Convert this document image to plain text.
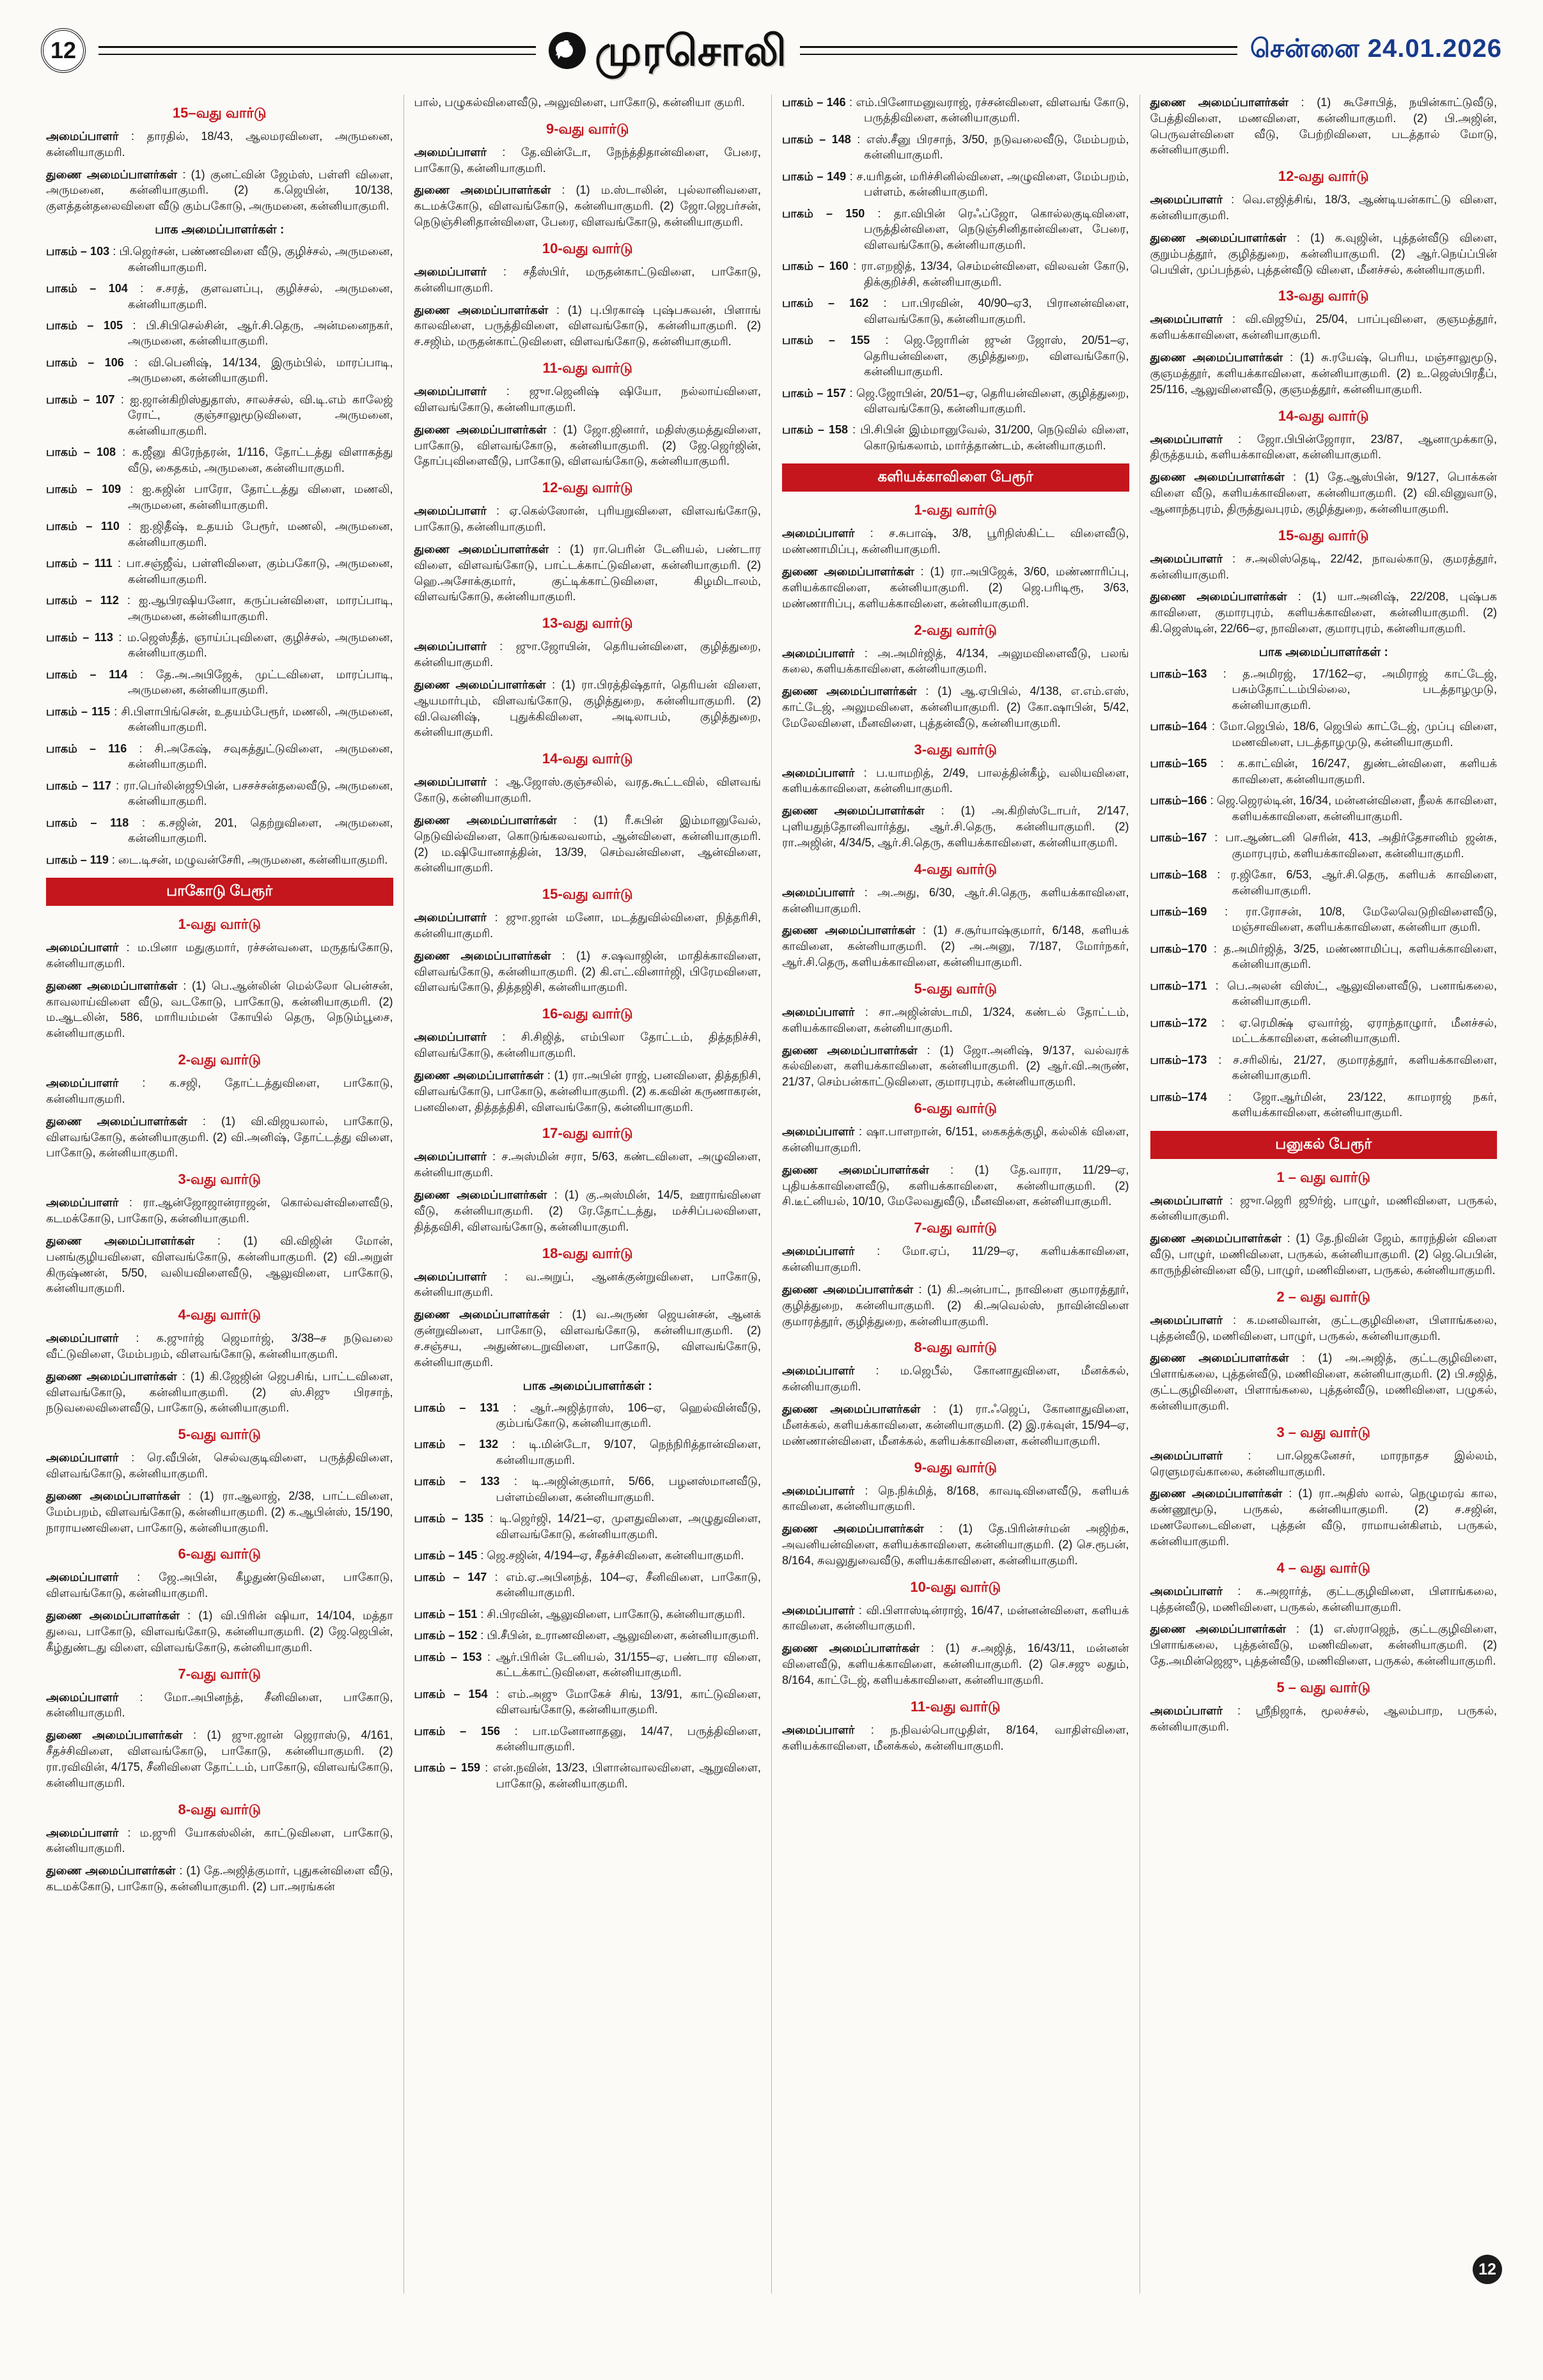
12	முரசொலி	சென்னை 24.01.2026
15–வது வார்டு

அமைப்பாளர் : தாரதில், 18/43, ஆலமரவிளை, அருமனை, கன்னியாகுமரி.

துணை அமைப்பாளர்கள் : (1) குனட்வின் ஜேம்ஸ், பள்ளி விளை, அருமனை, கன்னியாகுமரி. (2) க.ஜெயின், 10/138, குளத்தன்தலைவிளை வீடு கும்பகோடு, அருமனை, கன்னியாகுமரி.

பாக அமைப்பாளர்கள் :

பாகம் – 103 : பி.ஜெர்சன், பண்ணவிளை வீடு, குழிச்சல், அருமனை, கன்னியாகுமரி.

பாகம் – 104 : ச.சரத், குளவளப்பு, குழிச்சல், அருமனை, கன்னியாகுமரி.

பாகம் – 105 : பி.சிபிசெல்சின், ஆர்.சி.தெரு, அன்மனைநகர், அருமனை, கன்னியாகுமரி.

பாகம் – 106 : வி.பெனிஷ், 14/134, இரும்பில், மாரப்பாடி, அருமனை, கன்னியாகுமரி.

பாகம் – 107 : ஐ.ஜான்கிறிஸ்துதாஸ், சாலச்சல், வி.டி.எம் காலேஜ் ரோட், குஞ்சாலுமூடுவிளை, அருமனை, கன்னியாகுமரி.

பாகம் – 108 : க.ஜீனு கிரேந்தரன், 1/116, தோட்டத்து விளாகத்து வீடு, கைதகம், அருமனை, கன்னியாகுமரி.

பாகம் – 109 : ஐ.சுஜின் பாரோ, தோட்டத்து விளை, மணலி, அருமனை, கன்னியாகுமரி.

பாகம் – 110 : ஐ.ஜிதீஷ், உதயம் பேரூர், மணலி, அருமனை, கன்னியாகுமரி.

பாகம் – 111 : பா.சஞ்ஜீவ், பள்ளிவிளை, கும்பகோடு, அருமனை, கன்னியாகுமரி.

பாகம் – 112 : ஐ.ஆபிரஷியனோ, கருப்பன்விளை, மாரப்பாடி, அருமனை, கன்னியாகுமரி.

பாகம் – 113 : ம.ஜெஸ்தீத், ஞாய்ப்புவிளை, குழிச்சல், அருமனை, கன்னியாகுமரி.

பாகம் – 114 : தே.அ.அபிஜேக், முட்டவிளை, மாரப்பாடி, அருமனை, கன்னியாகுமரி.

பாகம் – 115 : சி.பிளாபிங்சென், உதயம்பேரூர், மணலி, அருமனை, கன்னியாகுமரி.

பாகம் – 116 : சி.அகேஷ், சவுகத்துட்டுவிளை, அருமனை, கன்னியாகுமரி.

பாகம் – 117 : ரா.பெர்லின்ஜூபின், பசசச்சன்தலைவீடு, அருமனை, கன்னியாகுமரி.

பாகம் – 118 : க.சஜின், 201, தெற்றுவிளை, அருமனை, கன்னியாகுமரி.

பாகம் – 119 : டை.டிசன், மழுவன்சேரி, அருமனை, கன்னியாகுமரி.

பாகோடு பேரூர்
1-வது வார்டு

அமைப்பாளர் : ம.பினா மதுகுமார், ரச்சன்வளை, மருதங்கோடு, கன்னியாகுமரி.

துணை அமைப்பாளர்கள் : (1) பெ.ஆன்லின் மெல்லோ பென்சன், காவலாய்விளை வீடு, வடகோடு, பாகோடு, கன்னியாகுமரி. (2) ம.ஆடலின், 586, மாரியம்மன் கோயில் தெரு, நெடும்பூசை, கன்னியாகுமரி.

2-வது வார்டு

அமைப்பாளர் : க.சஜி, தோட்டத்துவிளை, பாகோடு, கன்னியாகுமரி.

துணை அமைப்பாளர்கள் : (1) வி.விஜயலால், பாகோடு, விளவங்கோடு, கன்னியாகுமரி. (2) வி.அனிஷ், தோட்டத்து விளை, பாகோடு, கன்னியாகுமரி.

3-வது வார்டு

அமைப்பாளர் : ரா.ஆன்ஜோஜான்ராஜன், கொல்வள்விளைவீடு, கடமக்கோடு, பாகோடு, கன்னியாகுமரி.

துணை அமைப்பாளர்கள் : (1) வி.விஜின் மோன், பனங்குழியவிளை, விளவங்கோடு, கன்னியாகுமரி. (2) வி.அறுள் கிருஷ்ணன், 5/50, வலியவிளைவீடு, ஆலுவிளை, பாகோடு, கன்னியாகுமரி.

4-வது வார்டு

அமைப்பாளர் : க.ஜுார்ஜ் ஜெமார்ஜ், 3/38–ச நடுவலை வீட்டுவிளை, மேம்பறம், விளவங்கோடு, கன்னியாகுமரி.

துணை அமைப்பாளர்கள் : (1) கி.ஜேஜின் ஜெபசிங், பாட்டவிளை, விளவங்கோடு, கன்னியாகுமரி. (2) ஸ்.சிஜு பிரசாந், நடுவலைவிளைவீடு, பாகோடு, கன்னியாகுமரி.

5-வது வார்டு

அமைப்பாளர் : ரெ.வீபின், செல்வகுடிவிளை, பருத்திவிளை, விளவங்கோடு, கன்னியாகுமரி.

துணை அமைப்பாளர்கள் : (1) ரா.ஆலாஜ், 2/38, பாட்டவிளை, மேம்பறம், விளவங்கோடு, கன்னியாகுமரி. (2) க.ஆபின்ஸ், 15/190, நாராயணவிளை, பாகோடு, கன்னியாகுமரி.

6-வது வார்டு

அமைப்பாளர் : ஜே.அபின், கீழதுண்டுவிளை, பாகோடு, விளவங்கோடு, கன்னியாகுமரி.

துணை அமைப்பாளர்கள் : (1) வி.பிரின் ஷியா, 14/104, மத்தா துவை, பாகோடு, விளவங்கோடு, கன்னியாகுமரி. (2) ஜே.ஜெபின், கீழ்துண்டது விளை, விளவங்கோடு, கன்னியாகுமரி.

7-வது வார்டு

அமைப்பாளர் : மோ.அபினந்த், சீனிவிளை, பாகோடு, கன்னியாகுமரி.

துணை அமைப்பாளர்கள் : (1) ஜுா.ஜான் ஜெராஸ்டு, 4/161, சீதச்சிவிளை, விளவங்கோடு, பாகோடு, கன்னியாகுமரி. (2) ரா.ரவிவின், 4/175, சீனிவிளை தோட்டம், பாகோடு, விளவங்கோடு, கன்னியாகுமரி.

8-வது வார்டு

அமைப்பாளர் : ம.ஜுரி யோகஸ்லின், காட்டுவிளை, பாகோடு, கன்னியாகுமரி.

துணை அமைப்பாளர்கள் : (1) தே.அஜித்குமார், புதுகன்விளை வீடு, கடமக்கோடு, பாகோடு, கன்னியாகுமரி. (2) பா.அரங்கன்

பால், பழுகல்விளைவீடு, அலுவிளை, பாகோடு, கன்னியா குமரி.

9-வது வார்டு

அமைப்பாளர் : தே.வின்டோ, நேந்த்திதான்விளை, பேரை, பாகோடு, கன்னியாகுமரி.

துணை அமைப்பாளர்கள் : (1) ம.ஸ்டாலின், புல்லானிவளை, கடமக்கோடு, விளவங்கோடு, கன்னியாகுமரி. (2) ஜோ.ஜெபர்சன், நெடுஞ்சினிதான்விளை, பேரை, விளவங்கோடு, கன்னியாகுமரி.

10-வது வார்டு

அமைப்பாளர் : சதீஸ்பிர், மருதன்காட்டுவிளை, பாகோடு, கன்னியாகுமரி.

துணை அமைப்பாளர்கள் : (1) பு.பிரகாஷ் புஷ்பசுவன், பிளாங் காலவிளை, பருத்திவிளை, விளவங்கோடு, கன்னியாகுமரி. (2) ச.சஜிம், மருதன்காட்டுவிளை, விளவங்கோடு, கன்னியாகுமரி.

11-வது வார்டு

அமைப்பாளர் : ஜுா.ஜெனிஷ் ஷியோ, நல்லாய்விளை, விளவங்கோடு, கன்னியாகுமரி.

துணை அமைப்பாளர்கள் : (1) ஜோ.ஜினார், மதிஸ்குமத்துவிளை, பாகோடு, விளவங்கோடு, கன்னியாகுமரி. (2) ஜே.ஜெர்ஜின், தோப்புவிளைவீடு, பாகோடு, விளவங்கோடு, கன்னியாகுமரி.

12-வது வார்டு

அமைப்பாளர் : ஏ.கெல்ஸோன், புரியறுவிளை, விளவங்கோடு, பாகோடு, கன்னியாகுமரி.

துணை அமைப்பாளர்கள் : (1) ரா.பெரின் டேனியல், பண்டார விளை, விளவங்கோடு, பாட்டக்காட்டுவிளை, கன்னியாகுமரி. (2) ஹெ.அசோக்குமார், குட்டிக்காட்டுவிளை, கிழமிடாலம், விளவங்கோடு, கன்னியாகுமரி.

13-வது வார்டு

அமைப்பாளர் : ஜுா.ஜோயின், தெரியன்விளை, குழித்துறை, கன்னியாகுமரி.

துணை அமைப்பாளர்கள் : (1) ரா.பிரத்திஷ்தார், தெரியன் விளை, ஆயமார்பும், விளவங்கோடு, குழித்துறை, கன்னியாகுமரி. (2) வி.வெனிஷ், புதுக்கிவிளை, அடிலாபம், குழித்துறை, கன்னியாகுமரி.

14-வது வார்டு

அமைப்பாளர் : ஆ.ஜோஸ்.குஞ்சலில், வரத.கூட்டவில், விளவங் கோடு, கன்னியாகுமரி.

துணை அமைப்பாளர்கள் : (1) ரீ.சுபின் இம்மானுவேல், நெடுவில்விளை, கொடுங்கலவலாம், ஆன்விளை, கன்னியாகுமரி. (2) ம.ஷியோனாத்தின், 13/39, செம்வன்விளை, ஆன்விளை, கன்னியாகுமரி.

15-வது வார்டு

அமைப்பாளர் : ஜுா.ஜான் மனோ, மடத்துவில்விளை, நித்தரிசி, கன்னியாகுமரி.

துணை அமைப்பாளர்கள் : (1) ச.ஷவாஜின், மாதிக்காவிளை, விளவங்கோடு, கன்னியாகுமரி. (2) கி.எட்.வினார்ஜி, பிரேமவிளை, விளவங்கோடு, தித்தஜிசி, கன்னியாகுமரி.

16-வது வார்டு

அமைப்பாளர் : சி.சிஜித், எம்பிலா தோட்டம், தித்தநிச்சி, விளவங்கோடு, கன்னியாகுமரி.

துணை அமைப்பாளர்கள் : (1) ரா.அபின் ராஜ், பனவிளை, தித்தநிசி, விளவங்கோடு, பாகோடு, கன்னியாகுமரி. (2) க.கவின் கருணாகரன், பனவிளை, தித்தத்திசி, விளவங்கோடு, கன்னியாகுமரி.

17-வது வார்டு

அமைப்பாளர் : ச.அஸ்மின் சரா, 5/63, கண்டவிளை, அழுவிளை, கன்னியாகுமரி.

துணை அமைப்பாளர்கள் : (1) கு.அஸ்மின், 14/5, ஊராங்விளை வீடு, கன்னியாகுமரி. (2) ரே.தோட்டத்து, மச்சிப்பலவிளை, தித்தவிசி, விளவங்கோடு, கன்னியாகுமரி.

18-வது வார்டு

அமைப்பாளர் : வ.அறுப், ஆனக்குன்றுவிளை, பாகோடு, கன்னியாகுமரி.

துணை அமைப்பாளர்கள் : (1) வ.அருண் ஜெயன்சன், ஆனக் குன்றுவிளை, பாகோடு, விளவங்கோடு, கன்னியாகுமரி. (2) ச.சஞ்சய, அதுண்டைறுவிளை, பாகோடு, விளவங்கோடு, கன்னியாகுமரி.

பாக அமைப்பாளர்கள் :

பாகம் – 131 : ஆர்.அஜித்ராஸ், 106–ஏ, ஹெல்வின்வீடு, கும்பங்கோடு, கன்னியாகுமரி.

பாகம் – 132 : டி.மின்டோ, 9/107, நெந்நிரித்தான்விளை, கன்னியாகுமரி.

பாகம் – 133 : டி.அஜின்குமார், 5/66, பழனஸ்மானவீடு, பள்ளம்விளை, கன்னியாகுமரி.

பாகம் – 135 : டி.ஜெர்ஜி, 14/21–ஏ, முளதுவிளை, அழுதுவிளை, விளவங்கோடு, கன்னியாகுமரி.

பாகம் – 145 : ஜெ.சஜின், 4/194–ஏ, சீதச்சிவிளை, கன்னியாகுமரி.

பாகம் – 147 : எம்.ஏ.அபினந்த், 104–ஏ, சீனிவிளை, பாகோடு, கன்னியாகுமரி.

பாகம் – 151 : சி.பிரவின், ஆலுவிளை, பாகோடு, கன்னியாகுமரி.

பாகம் – 152 : பி.சீபின், உராணவிளை, ஆலுவிளை, கன்னியாகுமரி.

பாகம் – 153 : ஆர்.பிரின் டேனியல், 31/155–ஏ, பண்டார விளை, கட்டக்காட்டுவிளை, கன்னியாகுமரி.

பாகம் – 154 : எம்.அஜு மோகேச் சிங், 13/91, காட்டுவிளை, விளவங்கோடு, கன்னியாகுமரி.

பாகம் – 156 : பா.மனோனாதனு, 14/47, பருத்திவிளை, கன்னியாகுமரி.

பாகம் – 159 : என்.நவின், 13/23, பிளான்வாலவிளை, ஆறுவிளை, பாகோடு, கன்னியாகுமரி.

பாகம் – 146 : எம்.பினோமனுவராஜ், ரச்சன்விளை, விளவங் கோடு, பருத்திவிளை, கன்னியாகுமரி.

பாகம் – 148 : எஸ்.சீனு பிரசாந், 3/50, நடுவலைவீடு, மேம்பறம், கன்னியாகுமரி.

பாகம் – 149 : ச.யரிதன், மரிச்சினில்விளை, அழுவிளை, மேம்பறம், பள்ளம், கன்னியாகுமரி.

பாகம் – 150 : தா.விபின் ரெஃப்ஜோ, கொல்லகுடிவிளை, பருத்தின்விளை, நெடுஞ்சினிதான்விளை, பேரை, விளவங்கோடு, கன்னியாகுமரி.

பாகம் – 160 : ரா.எறஜித், 13/34, செம்மன்விளை, விலவன் கோடு, திக்குறிச்சி, கன்னியாகுமரி.

பாகம் – 162 : பா.பிரவின், 40/90–ஏ3, பிரானன்விளை, விளவங்கோடு, கன்னியாகுமரி.

பாகம் – 155 : ஜெ.ஜோரின் ஜுன் ஜோஸ், 20/51–ஏ, தெரியன்விளை, குழித்துறை, விளவங்கோடு, கன்னியாகுமரி.

பாகம் – 157 : ஜெ.ஜோபின், 20/51–ஏ, தெரியன்விளை, குழித்துறை, விளவங்கோடு, கன்னியாகுமரி.

பாகம் – 158 : பி.சிபின் இம்மானுவேல், 31/200, நெடுவில் விளை, கொடுங்கலாம், மார்த்தாண்டம், கன்னியாகுமரி.

களியக்காவிளை பேரூர்
1-வது வார்டு

அமைப்பாளர் : ச.சுபாஷ், 3/8, பூரிநிஸ்கிட்ட விளைவீடு, மண்ணாமிப்பு, கன்னியாகுமரி.

துணை அமைப்பாளர்கள் : (1) ரா.அபிஜேக், 3/60, மண்ணாரிப்பு, களியக்காவிளை, கன்னியாகுமரி. (2) ஜெ.பரிடிரூ, 3/63, மண்ணாரிப்பு, களியக்காவிளை, கன்னியாகுமரி.

2-வது வார்டு

அமைப்பாளர் : அ.அமிர்ஜித், 4/134, அலுமவிளைவீடு, பலங் கலை, களியக்காவிளை, கன்னியாகுமரி.

துணை அமைப்பாளர்கள் : (1) ஆ.ஏபிபில், 4/138, எ.எம்.எஸ், காட்டேஜ், அலுமவிளை, கன்னியாகுமரி. (2) கோ.ஷாபின், 5/42, மேலேவிளை, மீனவிளை, புத்தன்வீடு, கன்னியாகுமரி.

3-வது வார்டு

அமைப்பாளர் : ப.யாமறித், 2/49, பாலத்தின்கீழ், வலியவிளை, களியக்காவிளை, கன்னியாகுமரி.

துணை அமைப்பாளர்கள் : (1) அ.கிறிஸ்டோபர், 2/147, புளியதுந்தோனிவார்த்து, ஆர்.சி.தெரு, கன்னியாகுமரி. (2) ரா.அஜின், 4/34/5, ஆர்.சி.தெரு, களியக்காவிளை, கன்னியாகுமரி.

4-வது வார்டு

அமைப்பாளர் : அ.அது, 6/30, ஆர்.சி.தெரு, களியக்காவிளை, கன்னியாகுமரி.

துணை அமைப்பாளர்கள் : (1) ச.சூர்யாஷ்குமார், 6/148, களியக் காவிளை, கன்னியாகுமரி. (2) அ.அனு, 7/187, மோர்நகர், ஆர்.சி.தெரு, களியக்காவிளை, கன்னியாகுமரி.

5-வது வார்டு

அமைப்பாளர் : சா.அஜின்ஸ்டாமி, 1/324, கண்டல் தோட்டம், களியக்காவிளை, கன்னியாகுமரி.

துணை அமைப்பாளர்கள் : (1) ஜோ.அனிஷ், 9/137, வல்வரக் கல்விளை, களியக்காவிளை, கன்னியாகுமரி. (2) ஆர்.வி.அருண், 21/37, செம்பன்காட்டுவிளை, குமாரபுரம், கன்னியாகுமரி.

6-வது வார்டு

அமைப்பாளர் : ஷா.பாளறான், 6/151, கைகத்க்குழி, கல்லிக் விளை, கன்னியாகுமரி.

துணை அமைப்பாளர்கள் : (1) தே.வாரா, 11/29–ஏ, புதியக்காவிளைவீடு, களியக்காவிளை, கன்னியாகுமரி. (2) சி.டீட்னியல், 10/10, மேலேவதுவீடு, மீனவிளை, கன்னியாகுமரி.

7-வது வார்டு

அமைப்பாளர் : மோ.ஏப், 11/29–ஏ, களியக்காவிளை, கன்னியாகுமரி.

துணை அமைப்பாளர்கள் : (1) கி.அன்பாட், நாவிளை குமாரத்தூர், குழித்துறை, கன்னியாகுமரி. (2) கி.அவெல்ஸ், நாவின்விளை குமாரத்தூர், குழித்துறை, கன்னியாகுமரி.

8-வது வார்டு

அமைப்பாளர் : ம.ஜெபீல், கோனாதுவிளை, மீனக்கல், கன்னியாகுமரி.

துணை அமைப்பாளர்கள் : (1) ரா.ஃஜெப், கோனாதுவிளை, மீனக்கல், களியக்காவிளை, கன்னியாகுமரி. (2) இ.ரக்வுள், 15/94–ஏ, மண்ணான்விளை, மீனக்கல், களியக்காவிளை, கன்னியாகுமரி.

9-வது வார்டு

அமைப்பாளர் : நெ.நிக்மித், 8/168, காவடிவிளைவீடு, களியக் காவிளை, கன்னியாகுமரி.

துணை அமைப்பாளர்கள் : (1) தே.பிரின்சர்மன் அஜிற்சு, அவனியன்விளை, களியக்காவிளை, கன்னியாகுமரி. (2) செ.ரூபன், 8/164, சுவலுதுவைவீடு, களியக்காவிளை, கன்னியாகுமரி.

10-வது வார்டு

அமைப்பாளர் : வி.பிளாஸ்டின்ராஜ், 16/47, மன்னன்விளை, களியக் காவிளை, கன்னியாகுமரி.

துணை அமைப்பாளர்கள் : (1) ச.அஜித், 16/43/11, மன்னன் விளைவீடு, களியக்காவிளை, கன்னியாகுமரி. (2) செ.சஜு லதும், 8/164, காட்டேஜ், களியக்காவிளை, கன்னியாகுமரி.

11-வது வார்டு

அமைப்பாளர் : ந.நிவல்பொழுதிள், 8/164, வாதிள்விளை, களியக்காவிளை, மீனக்கல், கன்னியாகுமரி.

துணை அமைப்பாளர்கள் : (1) கூசோபித், நயின்காட்டுவீடு, பேத்திவிளை, மணவிளை, கன்னியாகுமரி. (2) பி.அஜின், பெருவள்விளை வீடு, பேற்றிவிளை, படத்தால் மோடு, கன்னியாகுமரி.

12-வது வார்டு

அமைப்பாளர் : வெ.எஜித்சிங், 18/3, ஆண்டியன்காட்டு விளை, கன்னியாகுமரி.

துணை அமைப்பாளர்கள் : (1) க.வுஜின், புத்தன்வீடு விளை, குறும்பத்தூர், குழித்துறை, கன்னியாகுமரி. (2) ஆர்.நெய்ப்பின் பெயிள், முப்பந்தல், புத்தன்வீடு விளை, மீனச்சல், கன்னியாகுமரி.

13-வது வார்டு

அமைப்பாளர் : வி.விஜூய், 25/04, பாப்புவிளை, குஞமத்தூர், களியக்காவிளை, கன்னியாகுமரி.

துணை அமைப்பாளர்கள் : (1) சு.ரயேஷ், பெரிய, மஞ்சாலுமூடு, குஞமத்தூர், களியக்காவிளை, கன்னியாகுமரி. (2) உ.ஜெஸ்பிரதீப், 25/116, ஆலுவிளைவீடு, குஞமத்தூர், கன்னியாகுமரி.

14-வது வார்டு

அமைப்பாளர் : ஜோ.பிபின்ஜோரா, 23/87, ஆனாமுக்காடு, திருத்தயம், களியக்காவிளை, கன்னியாகுமரி.

துணை அமைப்பாளர்கள் : (1) தே.ஆஸ்பின், 9/127, பொக்கன் விளை வீடு, களியக்காவிளை, கன்னியாகுமரி. (2) வி.வினுவாடு, ஆனாந்தபுரம், திருத்துவபுரம், குழித்துறை, கன்னியாகுமரி.

15-வது வார்டு

அமைப்பாளர் : ச.அலிஸ்தெடி, 22/42, நாவல்காடு, குமரத்தூர், கன்னியாகுமரி.

துணை அமைப்பாளர்கள் : (1) யா.அனிஷ், 22/208, புஷ்பக காவிளை, குமாரபுரம், களியக்காவிளை, கன்னியாகுமரி. (2) கி.ஜெஸ்டின், 22/66–ஏ, நாவிளை, குமாரபுரம், கன்னியாகுமரி.

பாக அமைப்பாளர்கள் :

பாகம்–163 : த.அமிரஜ், 17/162–ஏ, அமிராஜ் காட்டேஜ், பசும்தோட்டம்பில்லை, படத்தாழமுடு, கன்னியாகுமரி.

பாகம்–164 : மோ.ஜெபில், 18/6, ஜெபில் காட்டேஜ், முப்பு விளை, மணவிளை, படத்தாழமுடு, கன்னியாகுமரி.

பாகம்–165 : க.காட்வின், 16/247, துண்டன்விளை, களியக் காவிளை, கன்னியாகுமரி.

பாகம்–166 : ஜெ.ஜெரல்டின், 16/34, மன்னன்விளை, நீலக் காவிளை, களியக்காவிளை, கன்னியாகுமரி.

பாகம்–167 : பா.ஆண்டனி செரின், 413, அதிர்தேசானிம் ஜன்சு, குமாரபுரம், களியக்காவிளை, கன்னியாகுமரி.

பாகம்–168 : ர.ஜிகோ, 6/53, ஆர்.சி.தெரு, களியக் காவிளை, கன்னியாகுமரி.

பாகம்–169 : ரா.ரோசன், 10/8, மேலேவெடுறிவிளைவீடு, மஞ்சாவிளை, களியக்காவிளை, கன்னியா குமரி.

பாகம்–170 : த.அமிர்ஜித், 3/25, மண்ணாமிப்பு, களியக்காவிளை, கன்னியாகுமரி.

பாகம்–171 : பெ.அலன் விஸ்ட், ஆலுவிளைவீடு, பனாங்கலை, கன்னியாகுமரி.

பாகம்–172 : ஏ.ரெமிக்ஷ் ஏவார்ஜ், ஏராந்தாழுார், மீனச்சல், மட்டக்காவிளை, கன்னியாகுமரி.

பாகம்–173 : ச.சரிலிங், 21/27, குமாரத்தூர், களியக்காவிளை, கன்னியாகுமரி.

பாகம்–174 : ஜோ.ஆர்மின், 23/122, காமராஜ் நகர், களியக்காவிளை, கன்னியாகுமரி.

பனுகல் பேரூர்
1 – வது வார்டு

அமைப்பாளர் : ஜுா.ஜெரி ஜூர்ஜ், பாழுர், மணிவிளை, பருகல், கன்னியாகுமரி.

துணை அமைப்பாளர்கள் : (1) தே.நிவின் ஜேம், காரந்தின் விளை வீடு, பாழுர், மணிவிளை, பருகல், கன்னியாகுமரி. (2) ஜெ.பெபின், காருந்தின்விளை வீடு, பாழுர், மணிவிளை, பருகல், கன்னியாகுமரி.

2 – வது வார்டு

அமைப்பாளர் : க.மனலிவான், குட்டகுழிவிளை, பிளாங்கலை, புத்தன்வீடு, மணிவிளை, பாழுர், பருகல், கன்னியாகுமரி.

துணை அமைப்பாளர்கள் : (1) அ.அஜித், குட்டகுழிவிளை, பிளாங்கலை, புத்தன்வீடு, மணிவிளை, கன்னியாகுமரி. (2) பி.சஜித், குட்டகுழிவிளை, பிளாங்கலை, புத்தன்வீடு, மணிவிளை, பழுகல், கன்னியாகுமரி.

3 – வது வார்டு

அமைப்பாளர் : பா.ஜெகனேசர், மாரநாதச இல்லம், ரெளுமரவ்காலை, கன்னியாகுமரி.

துணை அமைப்பாளர்கள் : (1) ரா.அதிஸ் லால், நெழுமரவ் கால, கண்ணூமூடு, பருகல், கன்னியாகுமரி. (2) ச.சஜின், மணலோடைவிளை, புத்தன் வீடு, ராமாயன்கிளம், பருகல், கன்னியாகுமரி.

4 – வது வார்டு

அமைப்பாளர் : க.அஜார்த், குட்டகுழிவிளை, பிளாங்கலை, புத்தன்வீடு, மணிவிளை, பருகல், கன்னியாகுமரி.

துணை அமைப்பாளர்கள் : (1) எ.ஸ்ராஜெந், குட்டகுழிவிளை, பிளாங்கலை, புத்தன்வீடு, மணிவிளை, கன்னியாகுமரி. (2) தே.அமின்ஜெஜு, புத்தன்வீடு, மணிவிளை, பருகல், கன்னியாகுமரி.

5 – வது வார்டு

அமைப்பாளர் : ஸ்ரீநிஜாக், மூலச்சல், ஆலம்பாற, பருகல், கன்னியாகுமரி.

12
